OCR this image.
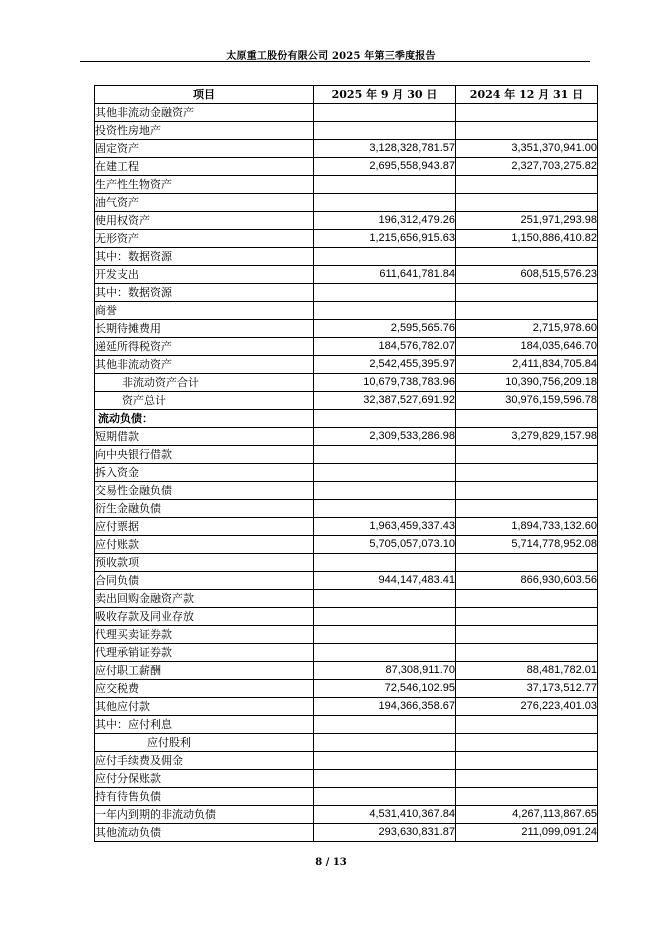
太原重工股份有限公司 2025 年第三季度报告
项目	2025 年 9 月 30 日	2024 年 12 月 31 日
其他非流动金融资产		
投资性房地产		
固定资产	3,128,328,781.57	3,351,370,941.00
在建工程	2,695,558,943.87	2,327,703,275.82
生产性生物资产		
油气资产		
使用权资产	196,312,479.26	251,971,293.98
无形资产	1,215,656,915.63	1,150,886,410.82
其中：数据资源		
开发支出	611,641,781.84	608,515,576.23
其中：数据资源		
商誉		
长期待摊费用	2,595,565.76	2,715,978.60
递延所得税资产	184,576,782.07	184,035,646.70
其他非流动资产	2,542,455,395.97	2,411,834,705.84
非流动资产合计	10,679,738,783.96	10,390,756,209.18
资产总计	32,387,527,691.92	30,976,159,596.78
流动负债：		
短期借款	2,309,533,286.98	3,279,829,157.98
向中央银行借款		
拆入资金		
交易性金融负债		
衍生金融负债		
应付票据	1,963,459,337.43	1,894,733,132.60
应付账款	5,705,057,073.10	5,714,778,952.08
预收款项		
合同负债	944,147,483.41	866,930,603.56
卖出回购金融资产款		
吸收存款及同业存放		
代理买卖证券款		
代理承销证券款		
应付职工薪酬	87,308,911.70	88,481,782.01
应交税费	72,546,102.95	37,173,512.77
其他应付款	194,366,358.67	276,223,401.03
其中：应付利息		
应付股利		
应付手续费及佣金		
应付分保账款		
持有待售负债		
一年内到期的非流动负债	4,531,410,367.84	4,267,113,867.65
其他流动负债	293,630,831.87	211,099,091.24
8 / 13
